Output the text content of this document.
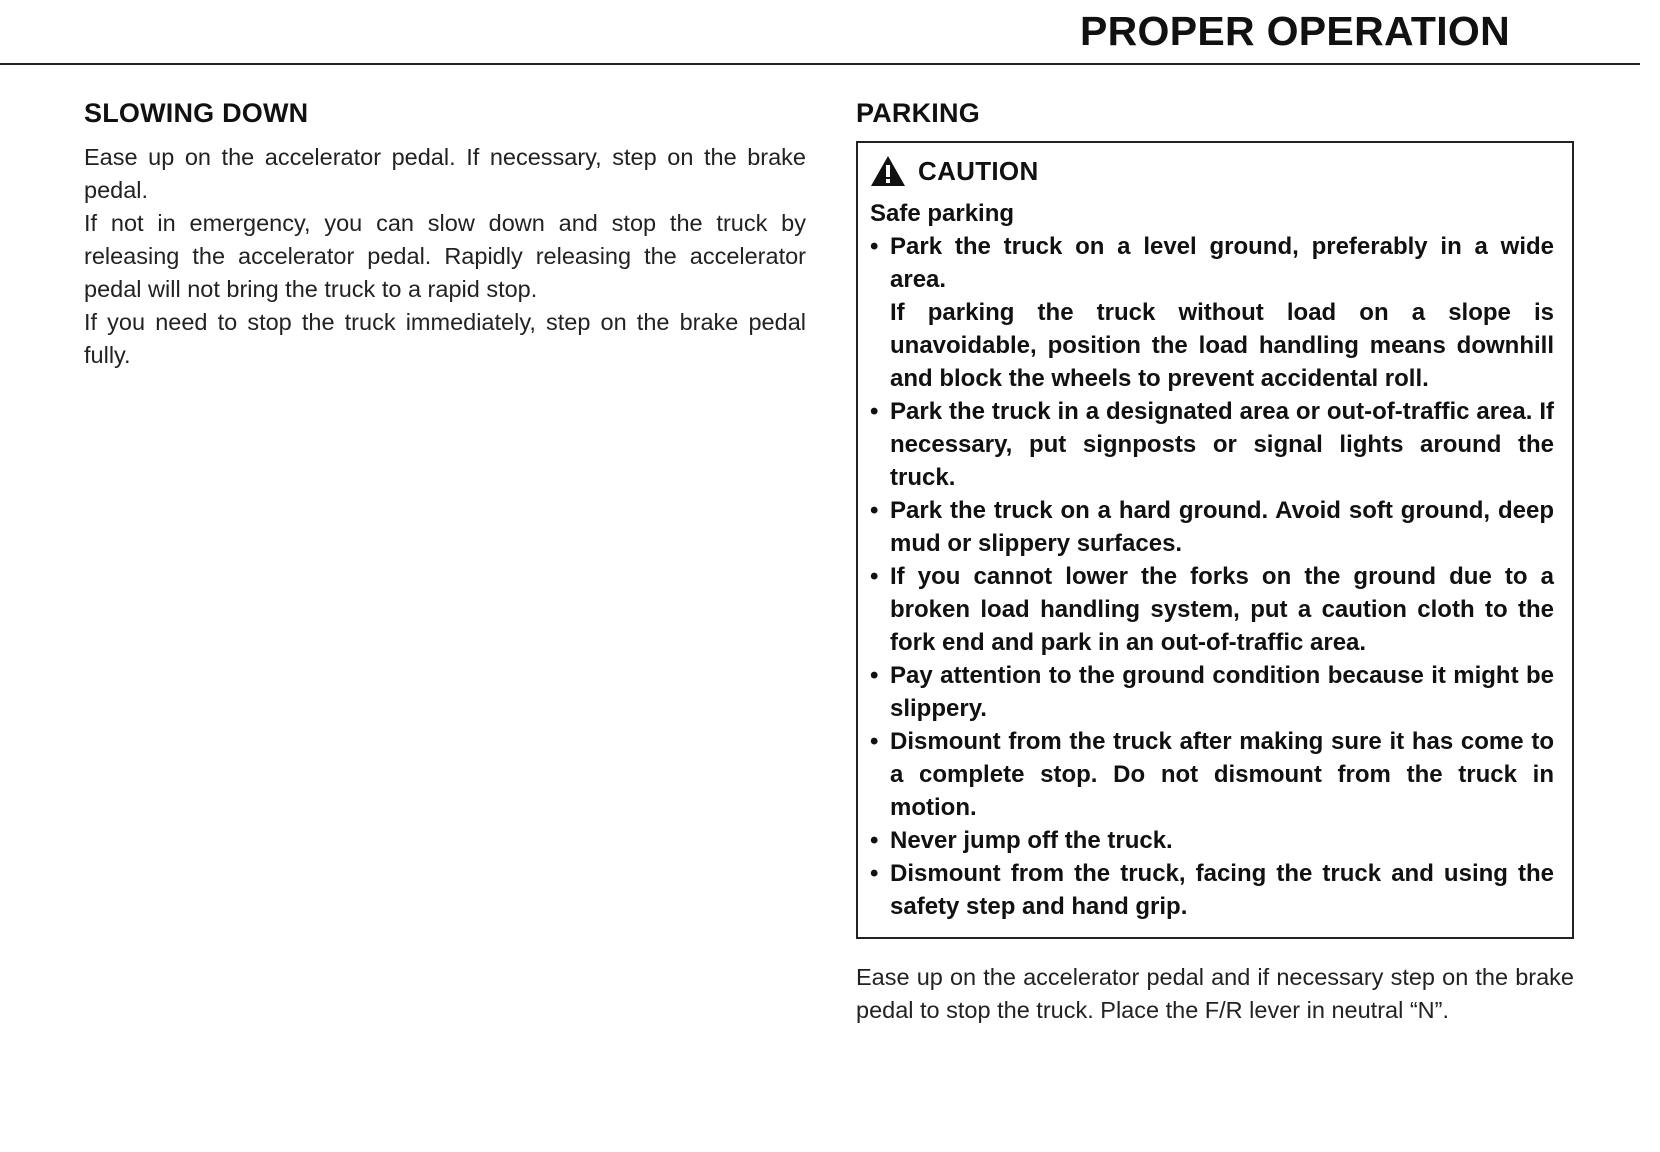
PROPER OPERATION
SLOWING DOWN

Ease up on the accelerator pedal. If necessary, step on the brake pedal.

If not in emergency, you can slow down and stop the truck by releasing the accelerator pedal. Rapidly releasing the accelerator pedal will not bring the truck to a rapid stop.

If you need to stop the truck immediately, step on the brake pedal fully.

PARKING
CAUTION
Safe parking
• Park the truck on a level ground, preferably in a wide area.
If parking the truck without load on a slope is unavoidable, position the load handling means downhill and block the wheels to prevent accidental roll.
• Park the truck in a designated area or out-of-traffic area. If necessary, put signposts or signal lights around the truck.
• Park the truck on a hard ground. Avoid soft ground, deep mud or slippery surfaces.
• If you cannot lower the forks on the ground due to a broken load handling system, put a caution cloth to the fork end and park in an out-of-traffic area.
• Pay attention to the ground condition because it might be slippery.
• Dismount from the truck after making sure it has come to a complete stop. Do not dismount from the truck in motion.
• Never jump off the truck.
• Dismount from the truck, facing the truck and using the safety step and hand grip.

Ease up on the accelerator pedal and if necessary step on the brake pedal to stop the truck. Place the F/R lever in neutral “N”.
